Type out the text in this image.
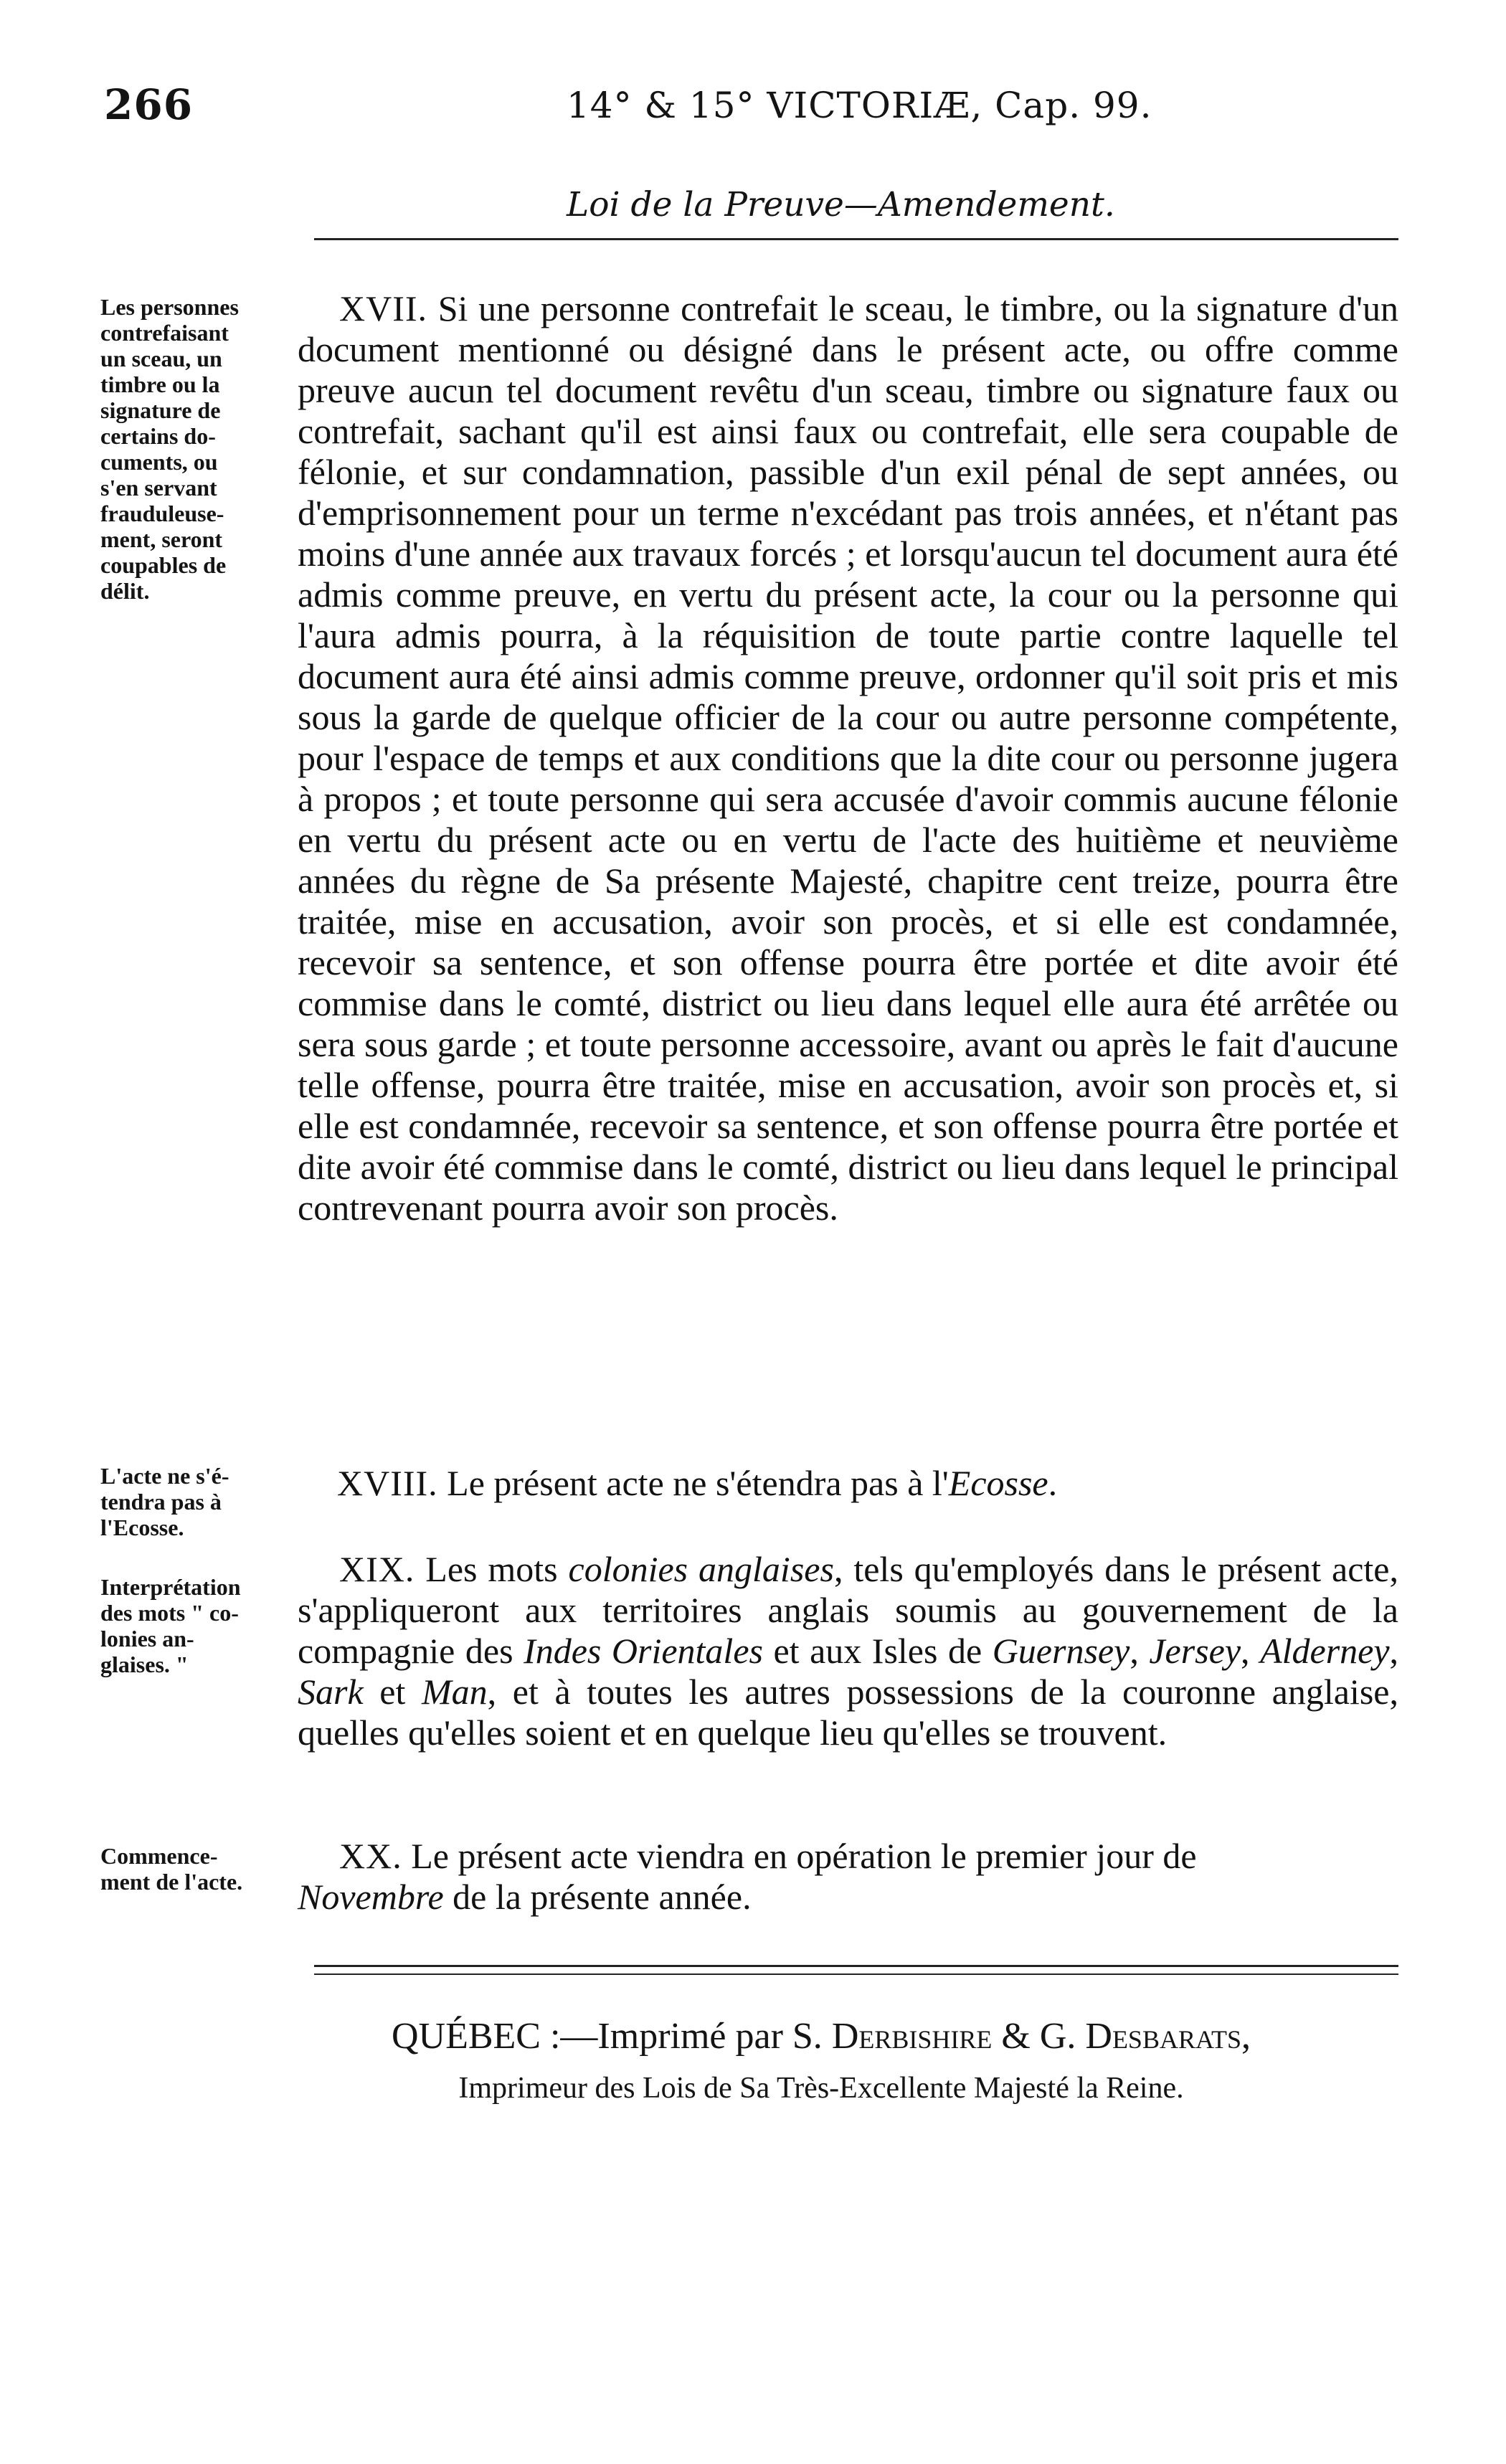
266	14° & 15° VICTORIÆ, Cap. 99.
Loi de la Preuve—Amendement.
Les personnes
contrefaisant
un sceau, un
timbre ou la
signature de
certains do-
cuments, ou
s'en servant
frauduleuse-
ment, seront
coupables de
délit.
L'acte ne s'é-
tendra pas à
l'Ecosse.
Interprétation
des mots " co-
lonies an-
glaises. "
Commence-
ment de l'acte.
XVII. Si une personne contrefait le sceau, le timbre, ou la signature d'un document mentionné ou désigné dans le présent acte, ou offre comme preuve aucun tel document revêtu d'un sceau, timbre ou signature faux ou contrefait, sachant qu'il est ainsi faux ou contrefait, elle sera coupable de félonie, et sur condamnation, passible d'un exil pénal de sept années, ou d'emprisonnement pour un terme n'excédant pas trois années, et n'étant pas moins d'une année aux travaux forcés ; et lorsqu'aucun tel document aura été admis comme preuve, en vertu du présent acte, la cour ou la personne qui l'aura admis pourra, à la réquisition de toute partie contre laquelle tel document aura été ainsi admis comme preuve, ordonner qu'il soit pris et mis sous la garde de quelque officier de la cour ou autre personne compétente, pour l'espace de temps et aux conditions que la dite cour ou personne jugera à propos ; et toute personne qui sera accusée d'avoir commis aucune félonie en vertu du présent acte ou en vertu de l'acte des huitième et neuvième années du règne de Sa présente Majesté, chapitre cent treize, pourra être traitée, mise en accusation, avoir son procès, et si elle est condamnée, recevoir sa sentence, et son offense pourra être portée et dite avoir été commise dans le comté, district ou lieu dans lequel elle aura été arrêtée ou sera sous garde ; et toute personne accessoire, avant ou après le fait d'aucune telle offense, pourra être traitée, mise en accusation, avoir son procès et, si elle est condamnée, recevoir sa sentence, et son offense pourra être portée et dite avoir été commise dans le comté, district ou lieu dans lequel le principal contrevenant pourra avoir son procès.
XVIII. Le présent acte ne s'étendra pas à l'Ecosse.
XIX. Les mots colonies anglaises, tels qu'employés dans le présent acte, s'appliqueront aux territoires anglais soumis au gouvernement de la compagnie des Indes Orientales et aux Isles de Guernsey, Jersey, Alderney, Sark et Man, et à toutes les autres possessions de la couronne anglaise, quelles qu'elles soient et en quelque lieu qu'elles se trouvent.
XX. Le présent acte viendra en opération le premier jour de
Novembre de la présente année.
QUÉBEC :—Imprimé par S. Derbishire & G. Desbarats,
Imprimeur des Lois de Sa Très-Excellente Majesté la Reine.
